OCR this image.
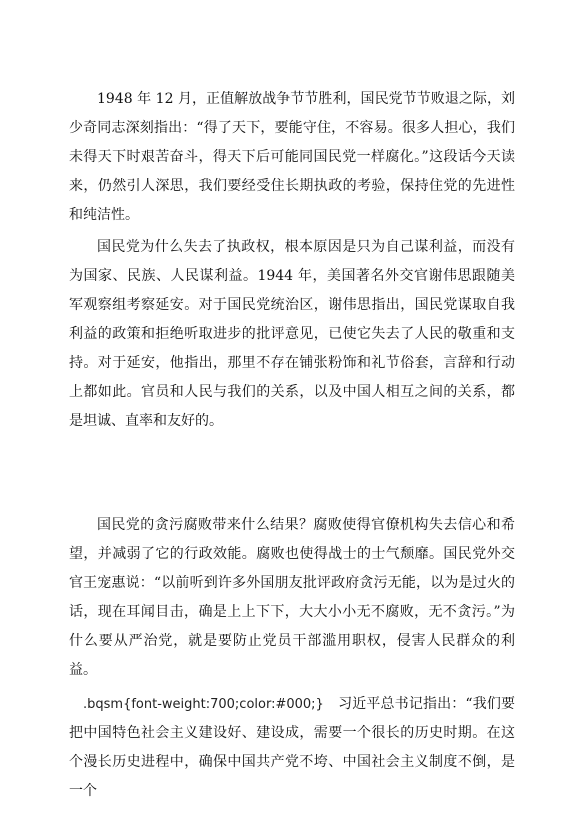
1948 年 12 月，正值解放战争节节胜利，国民党节节败退之际，刘少奇同志深刻指出：“得了天下，要能守住，不容易。很多人担心，我们未得天下时艰苦奋斗，得天下后可能同国民党一样腐化。”这段话今天读来，仍然引人深思，我们要经受住长期执政的考验，保持住党的先进性和纯洁性。

国民党为什么失去了执政权，根本原因是只为自己谋利益，而没有为国家、民族、人民谋利益。1944 年，美国著名外交官谢伟思跟随美军观察组考察延安。对于国民党统治区，谢伟思指出，国民党谋取自我利益的政策和拒绝听取进步的批评意见，已使它失去了人民的敬重和支持。对于延安，他指出，那里不存在铺张粉饰和礼节俗套，言辞和行动上都如此。官员和人民与我们的关系，以及中国人相互之间的关系，都是坦诚、直率和友好的。

国民党的贪污腐败带来什么结果？腐败使得官僚机构失去信心和希望，并减弱了它的行政效能。腐败也使得战士的士气颓靡。国民党外交官王宠惠说：“以前听到许多外国朋友批评政府贪污无能，以为是过火的话，现在耳闻目击，确是上上下下，大大小小无不腐败，无不贪污。”为什么要从严治党，就是要防止党员干部滥用职权，侵害人民群众的利益。

.bqsm{font-weight:700;color:#000;}　习近平总书记指出：“我们要把中国特色社会主义建设好、建设成，需要一个很长的历史时期。在这个漫长历史进程中，确保中国共产党不垮、中国社会主义制度不倒，是一个
